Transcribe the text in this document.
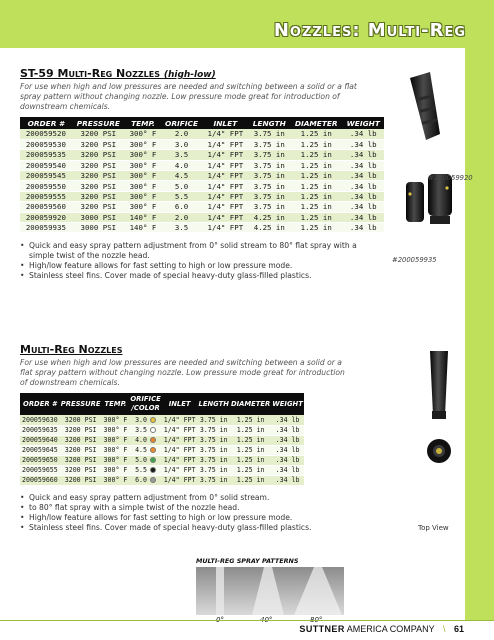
Nozzles: Multi-Reg
ST-59 Multi-Reg Nozzles (high-low)
For use when high and low pressures are needed and switching between a solid or a flat spray pattern without changing nozzle. Low pressure mode great for introduction of downstream chemicals.
ORDER #	PRESSURE	TEMP.	ORIFICE	INLET	LENGTH	DIAMETER	WEIGHT
200059520	3200 PSI	300° F	2.0	1/4" FPT	3.75 in	1.25 in	.34 lb
200059530	3200 PSI	300° F	3.0	1/4" FPT	3.75 in	1.25 in	.34 lb
200059535	3200 PSI	300° F	3.5	1/4" FPT	3.75 in	1.25 in	.34 lb
200059540	3200 PSI	300° F	4.0	1/4" FPT	3.75 in	1.25 in	.34 lb
200059545	3200 PSI	300° F	4.5	1/4" FPT	3.75 in	1.25 in	.34 lb
200059550	3200 PSI	300° F	5.0	1/4" FPT	3.75 in	1.25 in	.34 lb
200059555	3200 PSI	300° F	5.5	1/4" FPT	3.75 in	1.25 in	.34 lb
200059560	3200 PSI	300° F	6.0	1/4" FPT	3.75 in	1.25 in	.34 lb
200059920	3000 PSI	140° F	2.0	1/4" FPT	4.25 in	1.25 in	.34 lb
200059935	3000 PSI	140° F	3.5	1/4" FPT	4.25 in	1.25 in	.34 lb
• Quick and easy spray pattern adjustment from 0° solid stream to 80° flat spray with a simple twist of the nozzle head.
• High/low feature allows for fast setting to high or low pressure mode.
• Stainless steel fins. Cover made of special heavy-duty glass-filled plastics.
#200059920
#200059935
Multi-Reg Nozzles
For use when high and low pressures are needed and switching between a solid or a flat spray pattern without changing nozzle. Low pressure mode great for introduction of downstream chemicals.
ORDER #	PRESSURE	TEMP.	ORIFICE /COLOR	INLET	LENGTH	DIAMETER	WEIGHT
200059630	3200 PSI	300° F	3.0	1/4" FPT	3.75 in	1.25 in	.34 lb
200059635	3200 PSI	300° F	3.5	1/4" FPT	3.75 in	1.25 in	.34 lb
200059640	3200 PSI	300° F	4.0	1/4" FPT	3.75 in	1.25 in	.34 lb
200059645	3200 PSI	300° F	4.5	1/4" FPT	3.75 in	1.25 in	.34 lb
200059650	3200 PSI	300° F	5.0	1/4" FPT	3.75 in	1.25 in	.34 lb
200059655	3200 PSI	300° F	5.5	1/4" FPT	3.75 in	1.25 in	.34 lb
200059660	3200 PSI	300° F	6.0	1/4" FPT	3.75 in	1.25 in	.34 lb
• Quick and easy spray pattern adjustment from 0° solid stream.
• to 80° flat spray with a simple twist of the nozzle head.
• High/low feature allows for fast setting to high or low pressure mode.
• Stainless steel fins. Cover made of special heavy-duty glass-filled plastics.	Top View
MULTI-REG SPRAY PATTERNS
0°	40°	80°
SUTTNER AMERICA COMPANY \ 61
